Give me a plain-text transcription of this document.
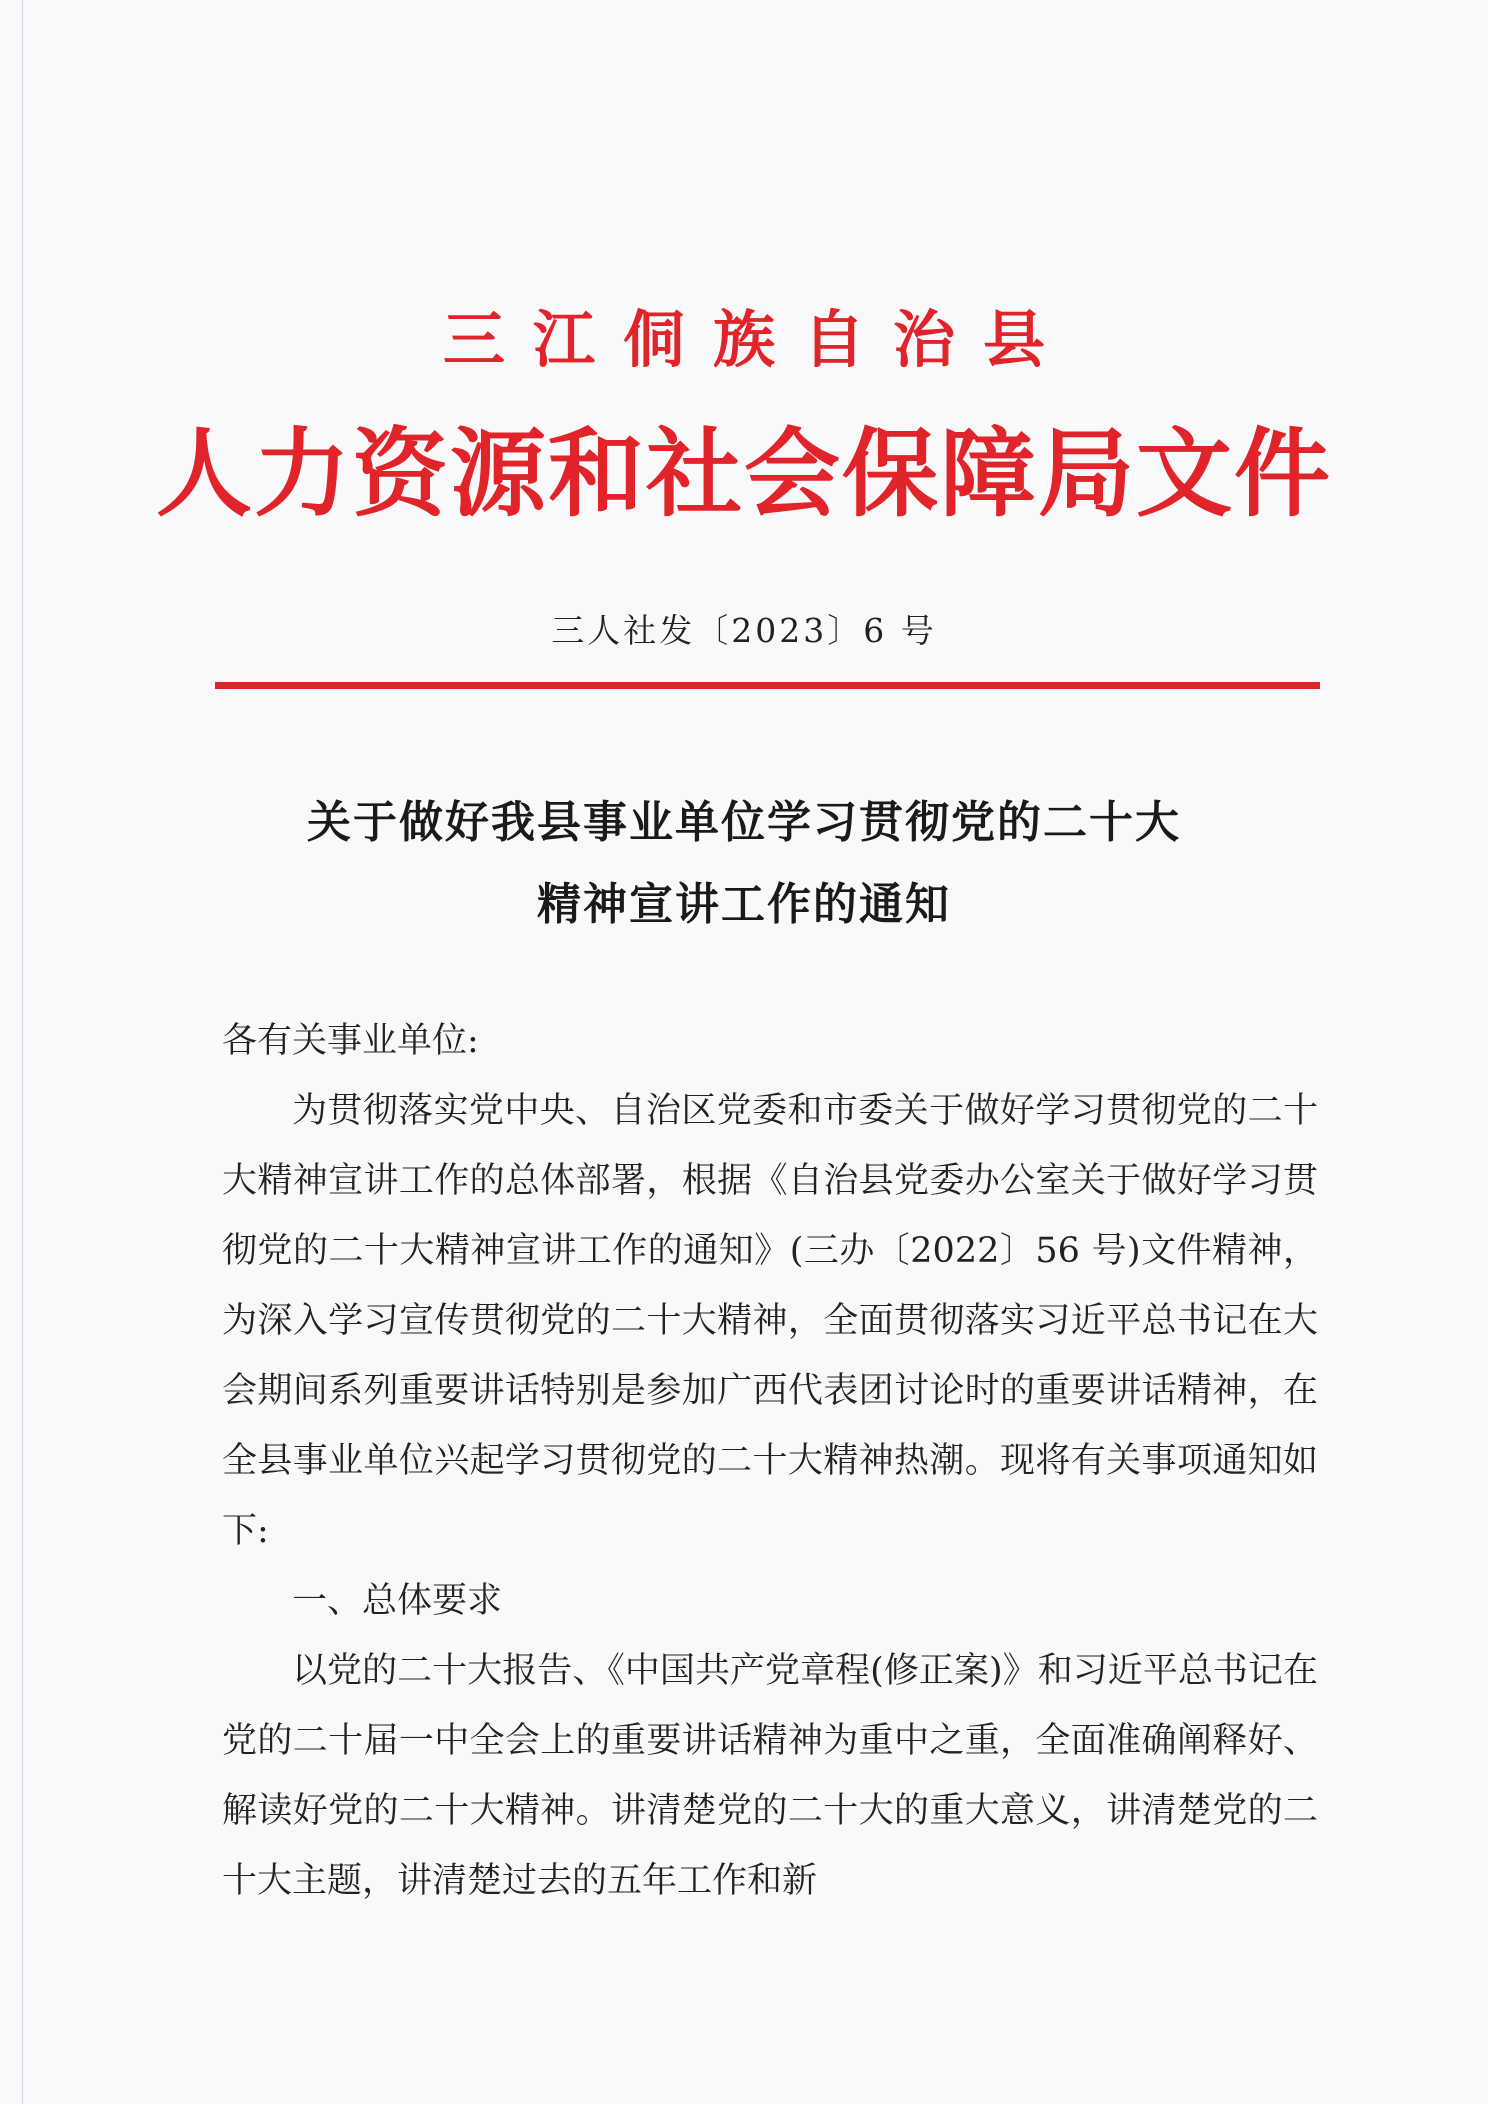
三江侗族自治县
人力资源和社会保障局文件
三人社发〔2023〕6 号
关于做好我县事业单位学习贯彻党的二十大
精神宣讲工作的通知

各有关事业单位:

为贯彻落实党中央、自治区党委和市委关于做好学习贯彻党的二十大精神宣讲工作的总体部署，根据《自治县党委办公室关于做好学习贯彻党的二十大精神宣讲工作的通知》(三办〔2022〕56 号)文件精神，为深入学习宣传贯彻党的二十大精神，全面贯彻落实习近平总书记在大会期间系列重要讲话特别是参加广西代表团讨论时的重要讲话精神，在全县事业单位兴起学习贯彻党的二十大精神热潮。现将有关事项通知如下:

一、总体要求

以党的二十大报告、《中国共产党章程(修正案)》和习近平总书记在党的二十届一中全会上的重要讲话精神为重中之重，全面准确阐释好、解读好党的二十大精神。讲清楚党的二十大的重大意义，讲清楚党的二十大主题，讲清楚过去的五年工作和新
